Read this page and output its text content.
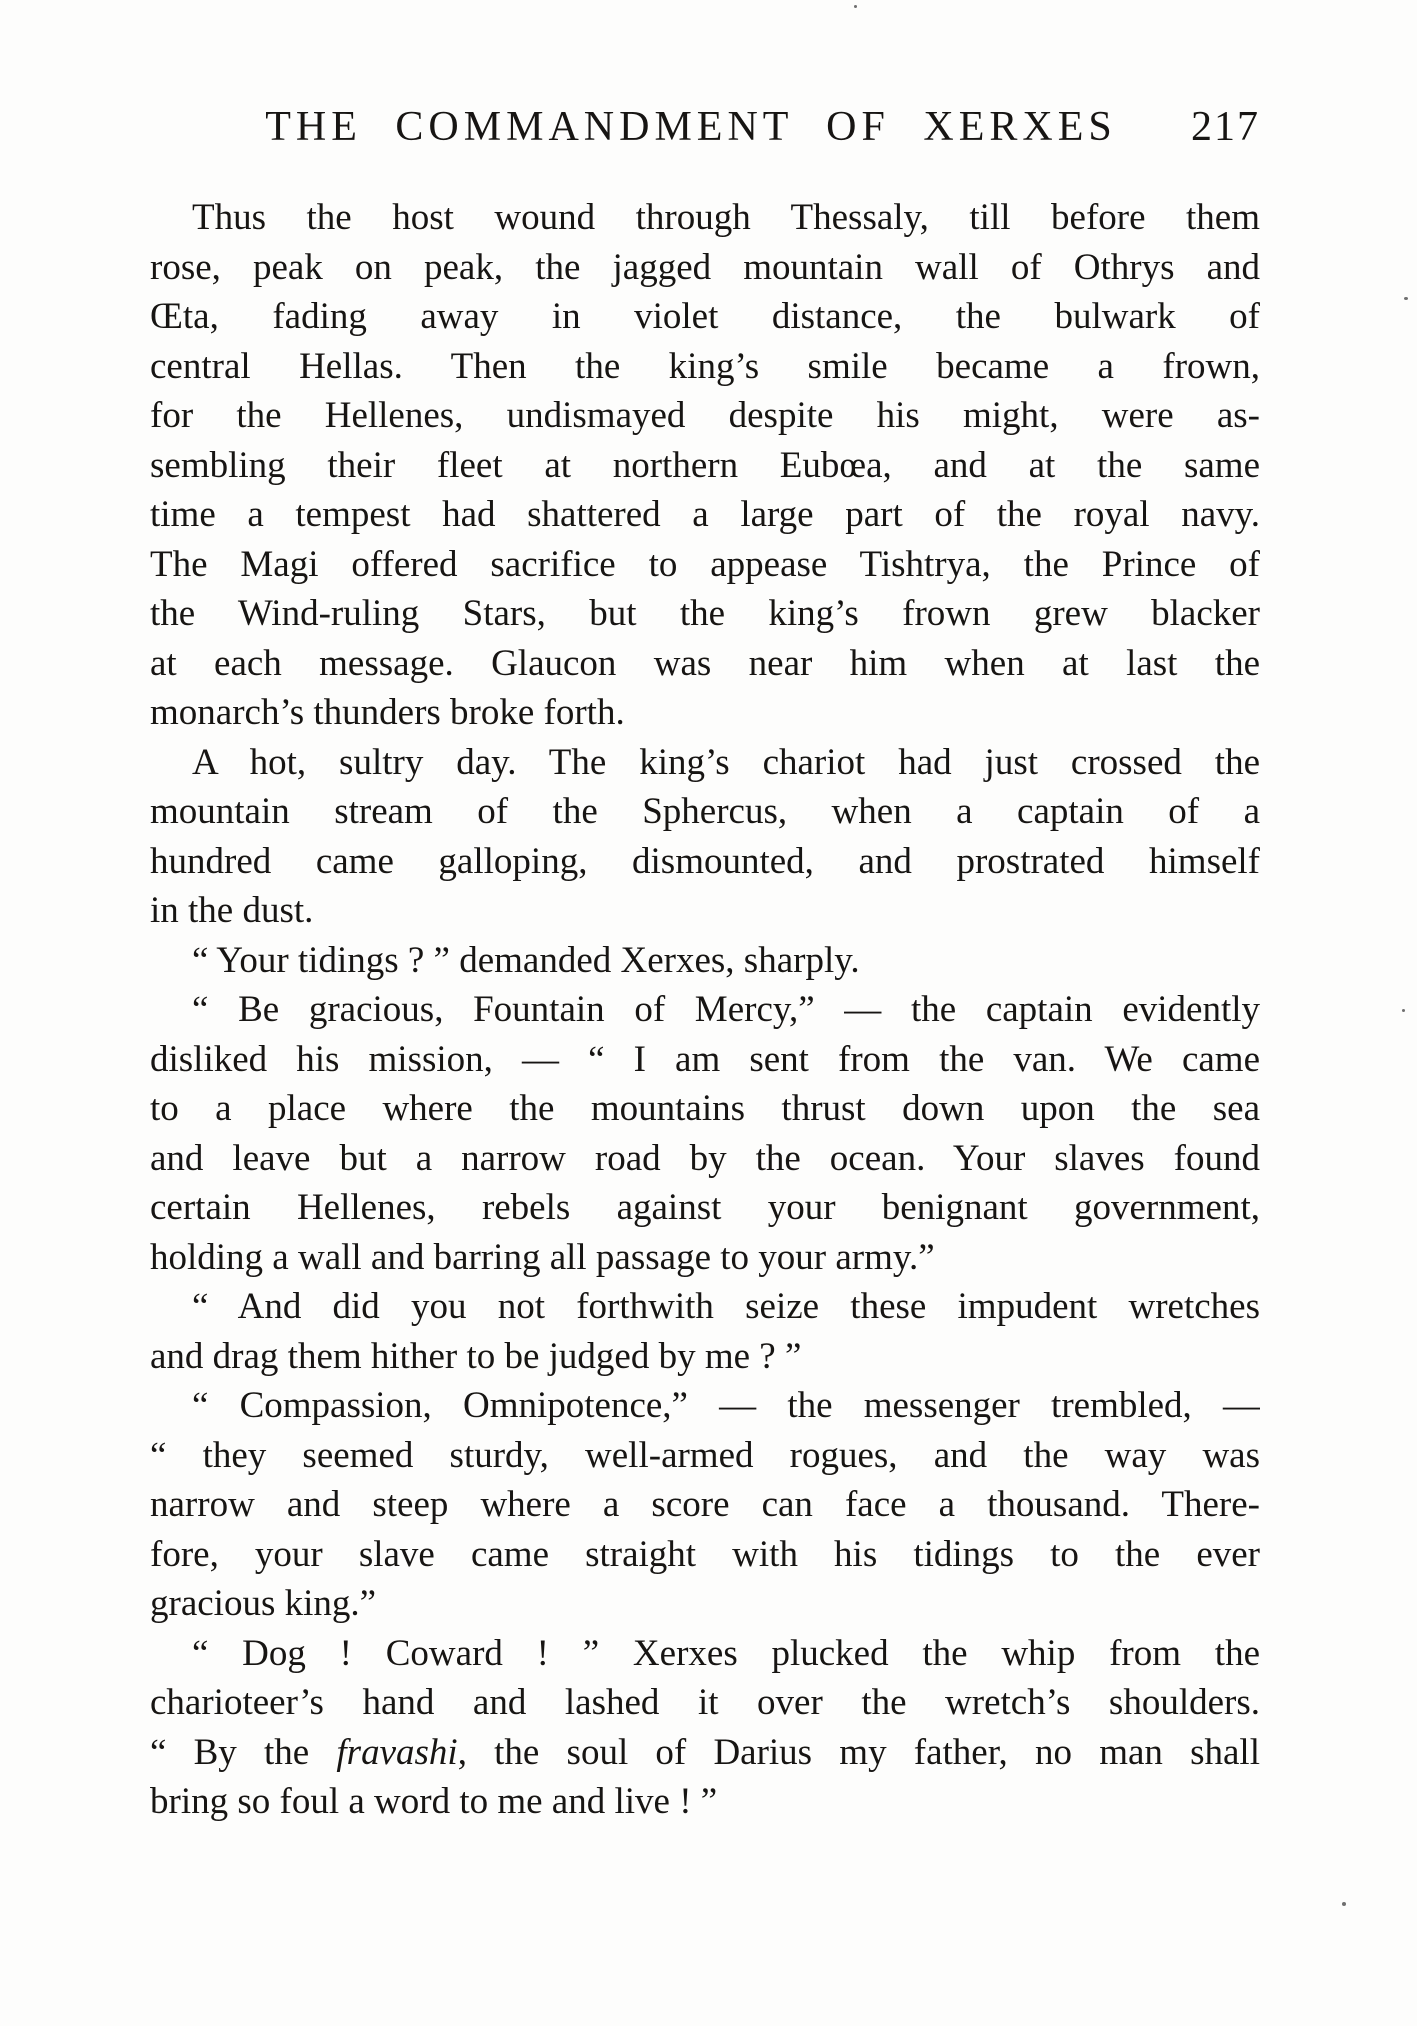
THE COMMANDMENT OF XERXES	217
Thus the host wound through Thessaly, till before them
rose, peak on peak, the jagged mountain wall of Othrys and
Œta, fading away in violet distance, the bulwark of
central Hellas. Then the king’s smile became a frown,
for the Hellenes, undismayed despite his might, were as-
sembling their fleet at northern Eubœa, and at the same
time a tempest had shattered a large part of the royal navy.
The Magi offered sacrifice to appease Tishtrya, the Prince of
the Wind-ruling Stars, but the king’s frown grew blacker
at each message. Glaucon was near him when at last the
monarch’s thunders broke forth.
A hot, sultry day. The king’s chariot had just crossed the
mountain stream of the Sphercus, when a captain of a
hundred came galloping, dismounted, and prostrated himself
in the dust.
“ Your tidings ? ” demanded Xerxes, sharply.
“ Be gracious, Fountain of Mercy,” — the captain evidently
disliked his mission, — “ I am sent from the van. We came
to a place where the mountains thrust down upon the sea
and leave but a narrow road by the ocean. Your slaves found
certain Hellenes, rebels against your benignant government,
holding a wall and barring all passage to your army.”
“ And did you not forthwith seize these impudent wretches
and drag them hither to be judged by me ? ”
“ Compassion, Omnipotence,” — the messenger trembled, —
“ they seemed sturdy, well-armed rogues, and the way was
narrow and steep where a score can face a thousand. There-
fore, your slave came straight with his tidings to the ever
gracious king.”
“ Dog ! Coward ! ” Xerxes plucked the whip from the
charioteer’s hand and lashed it over the wretch’s shoulders.
“ By the fravashi, the soul of Darius my father, no man shall
bring so foul a word to me and live ! ”
